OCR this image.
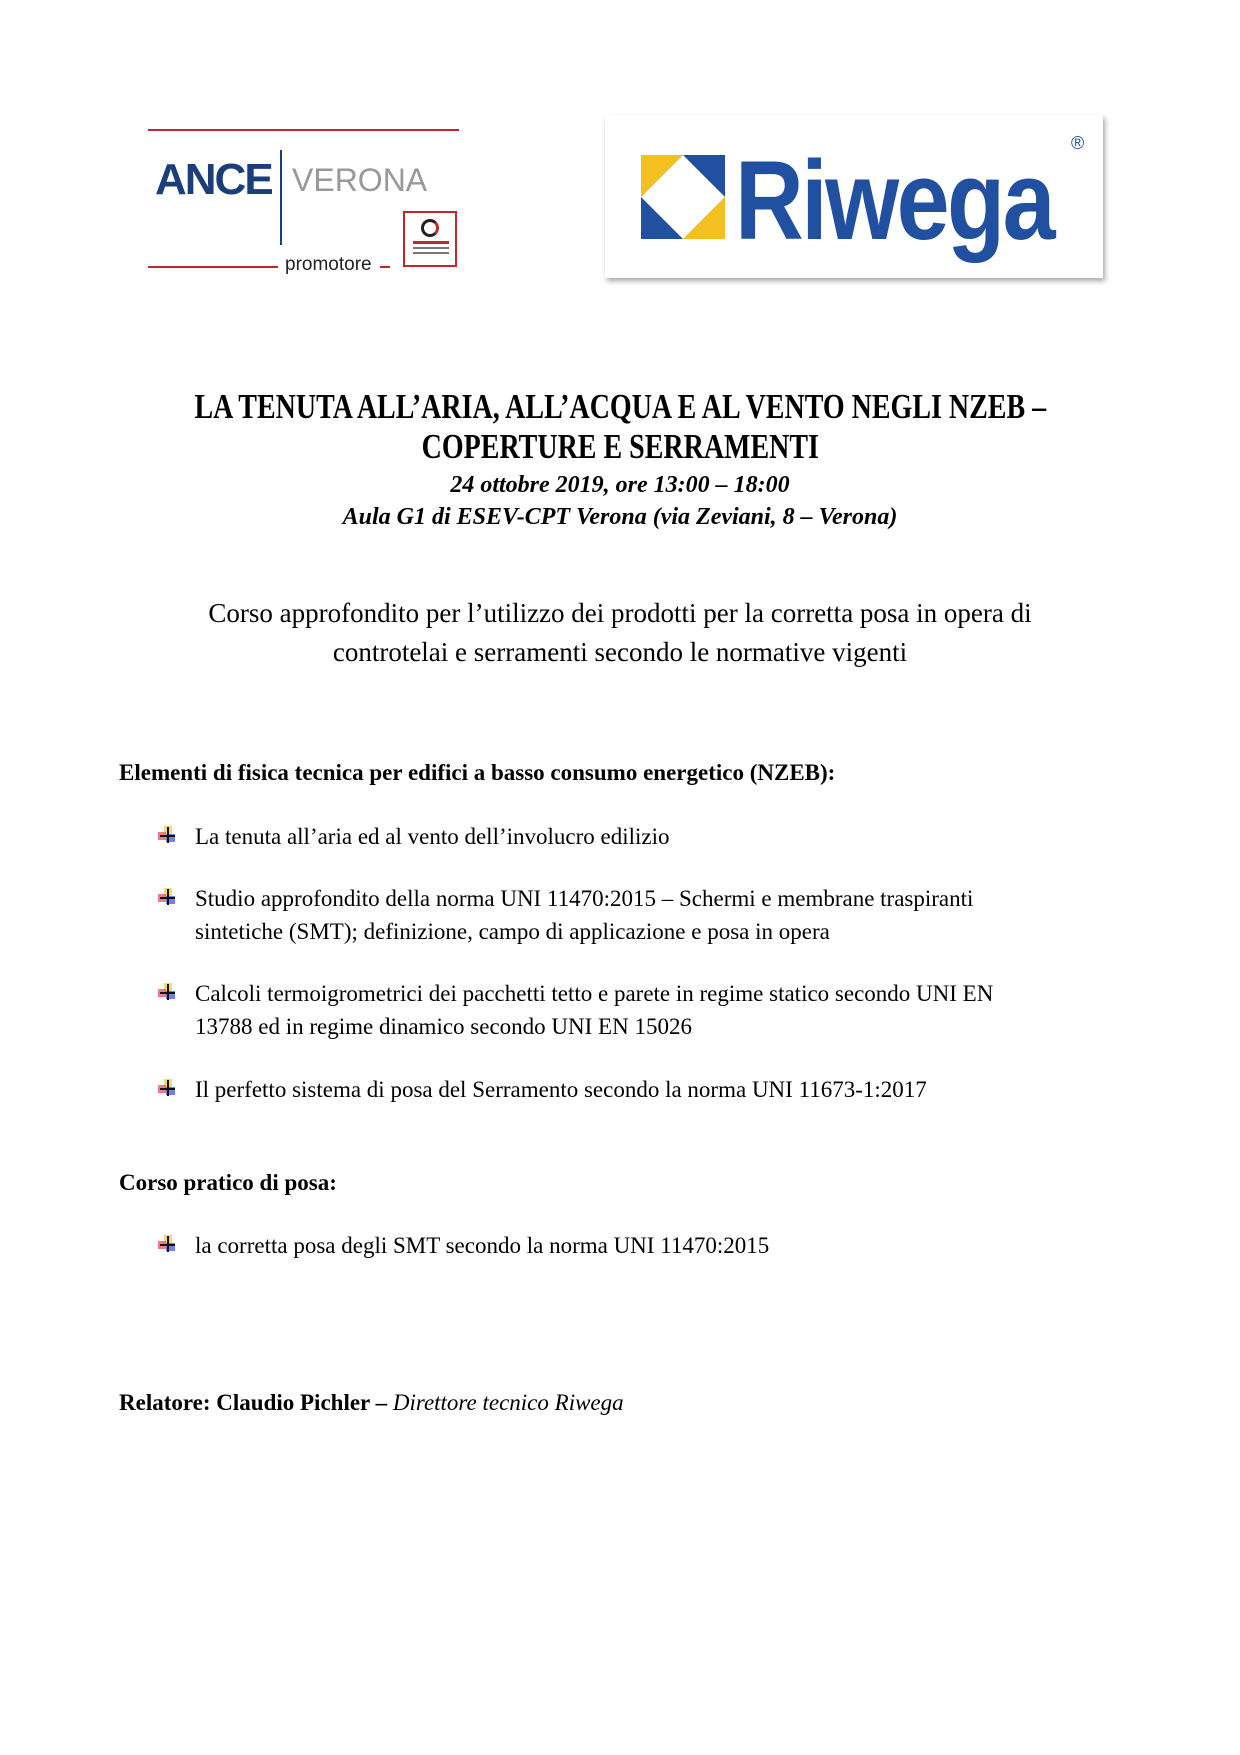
ANCE VERONA
promotore
Riwega ®
LA TENUTA ALL’ARIA, ALL’ACQUA E AL VENTO NEGLI NZEB –
COPERTURE E SERRAMENTI
24 ottobre 2019, ore 13:00 – 18:00
Aula G1 di ESEV-CPT Verona (via Zeviani, 8 – Verona)
Corso approfondito per l’utilizzo dei prodotti per la corretta posa in opera di
controtelai e serramenti secondo le normative vigenti
Elementi di fisica tecnica per edifici a basso consumo energetico (NZEB):
La tenuta all’aria ed al vento dell’involucro edilizio
Studio approfondito della norma UNI 11470:2015 – Schermi e membrane traspiranti
sintetiche (SMT); definizione, campo di applicazione e posa in opera
Calcoli termoigrometrici dei pacchetti tetto e parete in regime statico secondo UNI EN
13788 ed in regime dinamico secondo UNI EN 15026
Il perfetto sistema di posa del Serramento secondo la norma UNI 11673-1:2017
Corso pratico di posa:
la corretta posa degli SMT secondo la norma UNI 11470:2015
Relatore: Claudio Pichler – Direttore tecnico Riwega
